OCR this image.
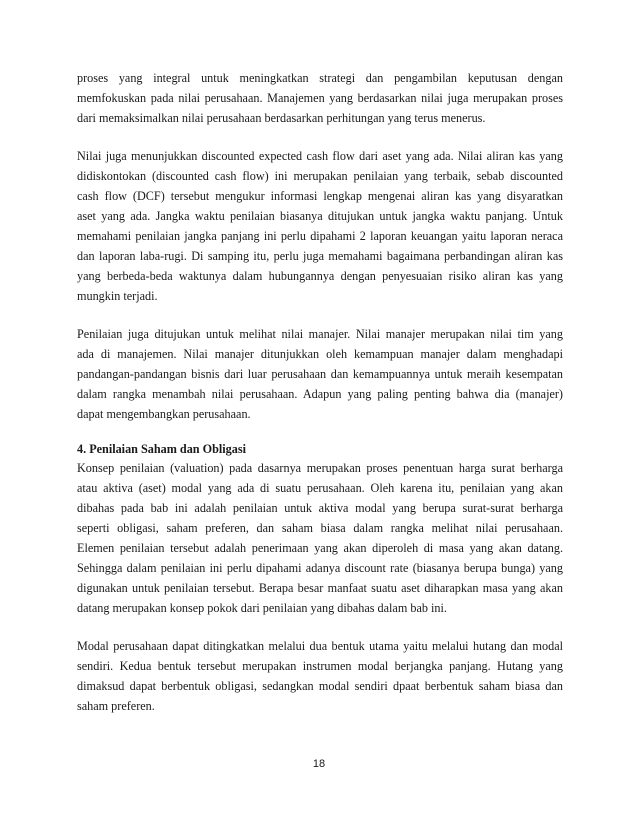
proses yang integral untuk meningkatkan strategi dan pengambilan keputusan dengan
memfokuskan pada nilai perusahaan. Manajemen yang berdasarkan nilai juga merupakan proses
dari memaksimalkan nilai perusahaan berdasarkan perhitungan yang terus menerus.

Nilai juga menunjukkan discounted expected cash flow dari aset yang ada. Nilai aliran kas yang
didiskontokan (discounted cash flow) ini merupakan penilaian yang terbaik, sebab discounted
cash flow (DCF) tersebut mengukur informasi lengkap mengenai aliran kas yang disyaratkan
aset yang ada. Jangka waktu penilaian biasanya ditujukan untuk jangka waktu panjang. Untuk
memahami penilaian jangka panjang ini perlu dipahami 2 laporan keuangan yaitu laporan neraca
dan laporan laba-rugi. Di samping itu, perlu juga memahami bagaimana perbandingan aliran kas
yang berbeda-beda waktunya dalam hubungannya dengan penyesuaian risiko aliran kas yang
mungkin terjadi.

Penilaian juga ditujukan untuk melihat nilai manajer. Nilai manajer merupakan nilai tim yang
ada di manajemen. Nilai manajer ditunjukkan oleh kemampuan manajer dalam menghadapi
pandangan-pandangan bisnis dari luar perusahaan dan kemampuannya untuk meraih kesempatan
dalam rangka menambah nilai perusahaan. Adapun yang paling penting bahwa dia (manajer)
dapat mengembangkan perusahaan.

4. Penilaian Saham dan Obligasi

Konsep penilaian (valuation) pada dasarnya merupakan proses penentuan harga surat berharga
atau aktiva (aset) modal yang ada di suatu perusahaan. Oleh karena itu, penilaian yang akan
dibahas pada bab ini adalah penilaian untuk aktiva modal yang berupa surat-surat berharga
seperti obligasi, saham preferen, dan saham biasa dalam rangka melihat nilai perusahaan.
Elemen penilaian tersebut adalah penerimaan yang akan diperoleh di masa yang akan datang.
Sehingga dalam penilaian ini perlu dipahami adanya discount rate (biasanya berupa bunga) yang
digunakan untuk penilaian tersebut. Berapa besar manfaat suatu aset diharapkan masa yang akan
datang merupakan konsep pokok dari penilaian yang dibahas dalam bab ini.

Modal perusahaan dapat ditingkatkan melalui dua bentuk utama yaitu melalui hutang dan modal
sendiri. Kedua bentuk tersebut merupakan instrumen modal berjangka panjang. Hutang yang
dimaksud dapat berbentuk obligasi, sedangkan modal sendiri dpaat berbentuk saham biasa dan
saham preferen.

18
